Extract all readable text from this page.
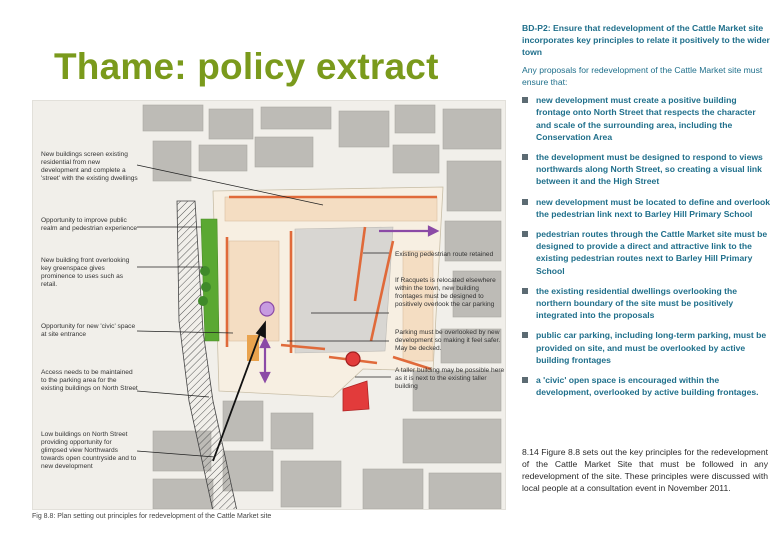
Thame: policy extract
New buildings screen existing residential from new development and complete a 'street' with the existing dwellings
Opportunity to improve public realm and pedestrian experience
New building front overlooking key greenspace gives prominence to uses such as retail.
Opportunity for new 'civic' space at site entrance
Access needs to be maintained to the parking area for the existing buildings on North Street
Low buildings on North Street providing opportunity for glimpsed view Northwards towards open countryside and to new development
Existing pedestrian route retained
If Racquets is relocated elsewhere within the town, new building frontages must be designed to positively overlook the car parking
Parking must be overlooked by new development so making it feel safer. May be decked.
A taller building may be possible here as it is next to the existing taller building
Fig 8.8: Plan setting out principles for redevelopment of the Cattle Market site
BD-P2: Ensure that redevelopment of the Cattle Market site incorporates key principles to relate it positively to the wider town
Any proposals for redevelopment of the Cattle Market site must ensure that:
new development must create a positive building frontage onto North Street that respects the character and scale of the surrounding area, including the Conservation Area
the development must be designed to respond to views northwards along North Street, so creating a visual link between it and the High Street
new development must be located to define and overlook the pedestrian link next to Barley Hill Primary School
pedestrian routes through the Cattle Market site must be designed to provide a direct and attractive link to the existing pedestrian routes next to Barley Hill Primary School
the existing residential dwellings overlooking the northern boundary of the site must be positively integrated into the proposals
public car parking, including long-term parking, must be provided on site, and must be overlooked by active building frontages
a 'civic' open space is encouraged within the development, overlooked by active building frontages.
8.14 Figure 8.8 sets out the key principles for the redevelopment of the Cattle Market Site that must be followed in any redevelopment of the site. These principles were discussed with local people at a consultation event in November 2011.
